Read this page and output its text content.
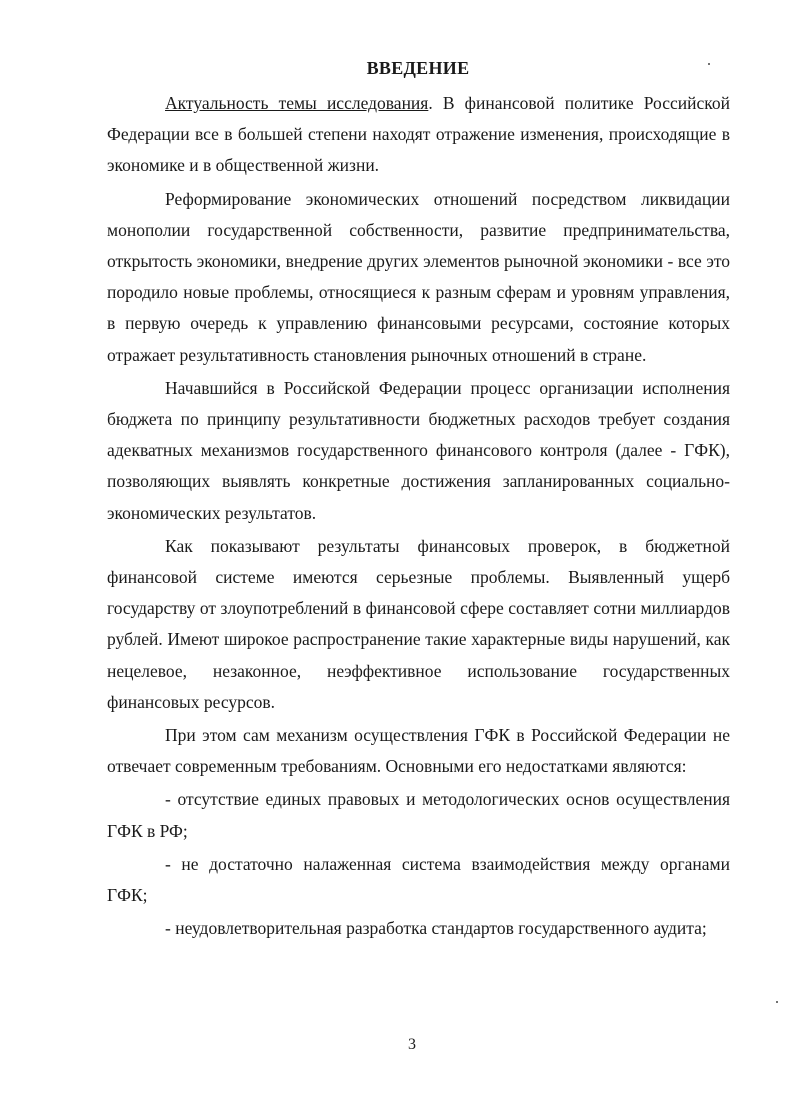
ВВЕДЕНИЕ

Актуальность темы исследования. В финансовой политике Российской Федерации все в большей степени находят отражение изменения, происходящие в экономике и в общественной жизни.

Реформирование экономических отношений посредством ликвидации монополии государственной собственности, развитие предпринимательства, открытость экономики, внедрение других элементов рыночной экономики - все это породило новые проблемы, относящиеся к разным сферам и уровням управления, в первую очередь к управлению финансовыми ресурсами, состояние которых отражает результативность становления рыночных отношений в стране.

Начавшийся в Российской Федерации процесс организации исполнения бюджета по принципу результативности бюджетных расходов требует создания адекватных механизмов государственного финансового контроля (далее - ГФК), позволяющих выявлять конкретные достижения запланированных социально-экономических результатов.

Как показывают результаты финансовых проверок, в бюджетной финансовой системе имеются серьезные проблемы. Выявленный ущерб государству от злоупотреблений в финансовой сфере составляет сотни миллиардов рублей. Имеют широкое распространение такие характерные виды нарушений, как нецелевое, незаконное, неэффективное использование государственных финансовых ресурсов.

При этом сам механизм осуществления ГФК в Российской Федерации не отвечает современным требованиям. Основными его недостатками являются:

- отсутствие единых правовых и методологических основ осуществления ГФК в РФ;

- не достаточно налаженная система взаимодействия между органами ГФК;

- неудовлетворительная разработка стандартов государственного аудита;

3
